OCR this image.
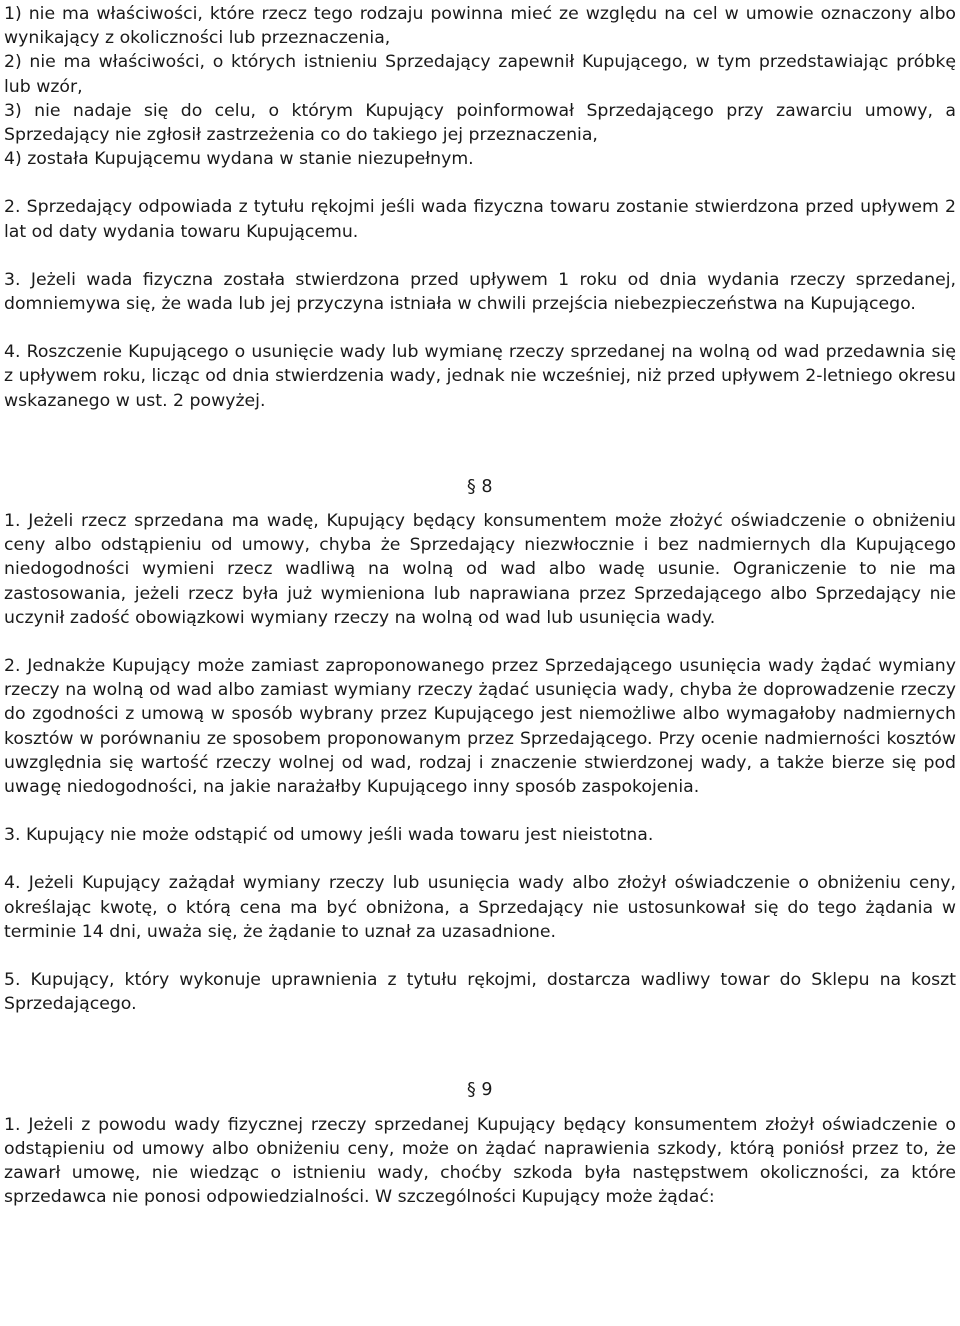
1) nie ma właściwości, które rzecz tego rodzaju powinna mieć ze względu na cel w umowie oznaczony albo wynikający z okoliczności lub przeznaczenia,

2) nie ma właściwości, o których istnieniu Sprzedający zapewnił Kupującego, w tym przedstawiając próbkę lub wzór,

3) nie nadaje się do celu, o którym Kupujący poinformował Sprzedającego przy zawarciu umowy, a Sprzedający nie zgłosił zastrzeżenia co do takiego jej przeznaczenia,

4) została Kupującemu wydana w stanie niezupełnym.

2. Sprzedający odpowiada z tytułu rękojmi jeśli wada fizyczna towaru zostanie stwierdzona przed upływem 2 lat od daty wydania towaru Kupującemu.

3. Jeżeli wada fizyczna została stwierdzona przed upływem 1 roku od dnia wydania rzeczy sprzedanej, domniemywa się, że wada lub jej przyczyna istniała w chwili przejścia niebezpieczeństwa na Kupującego.

4. Roszczenie Kupującego o usunięcie wady lub wymianę rzeczy sprzedanej na wolną od wad przedawnia się z upływem roku, licząc od dnia stwierdzenia wady, jednak nie wcześniej, niż przed upływem 2-letniego okresu wskazanego w ust. 2 powyżej.

§ 8

1. Jeżeli rzecz sprzedana ma wadę, Kupujący będący konsumentem może złożyć oświadczenie o obniżeniu ceny albo odstąpieniu od umowy, chyba że Sprzedający niezwłocznie i bez nadmiernych dla Kupującego niedogodności wymieni rzecz wadliwą na wolną od wad albo wadę usunie. Ograniczenie to nie ma zastosowania, jeżeli rzecz była już wymieniona lub naprawiana przez Sprzedającego albo Sprzedający nie uczynił zadość obowiązkowi wymiany rzeczy na wolną od wad lub usunięcia wady.

2. Jednakże Kupujący może zamiast zaproponowanego przez Sprzedającego usunięcia wady żądać wymiany rzeczy na wolną od wad albo zamiast wymiany rzeczy żądać usunięcia wady, chyba że doprowadzenie rzeczy do zgodności z umową w sposób wybrany przez Kupującego jest niemożliwe albo wymagałoby nadmiernych kosztów w porównaniu ze sposobem proponowanym przez Sprzedającego. Przy ocenie nadmierności kosztów uwzględnia się wartość rzeczy wolnej od wad, rodzaj i znaczenie stwierdzonej wady, a także bierze się pod uwagę niedogodności, na jakie narażałby Kupującego inny sposób zaspokojenia.

3. Kupujący nie może odstąpić od umowy jeśli wada towaru jest nieistotna.

4. Jeżeli Kupujący zażądał wymiany rzeczy lub usunięcia wady albo złożył oświadczenie o obniżeniu ceny, określając kwotę, o którą cena ma być obniżona, a Sprzedający nie ustosunkował się do tego żądania w terminie 14 dni, uważa się, że żądanie to uznał za uzasadnione.

5. Kupujący, który wykonuje uprawnienia z tytułu rękojmi, dostarcza wadliwy towar do Sklepu na koszt Sprzedającego.

§ 9

1. Jeżeli z powodu wady fizycznej rzeczy sprzedanej Kupujący będący konsumentem złożył oświadczenie o odstąpieniu od umowy albo obniżeniu ceny, może on żądać naprawienia szkody, którą poniósł przez to, że zawarł umowę, nie wiedząc o istnieniu wady, choćby szkoda była następstwem okoliczności, za które sprzedawca nie ponosi odpowiedzialności. W szczególności Kupujący może żądać:
